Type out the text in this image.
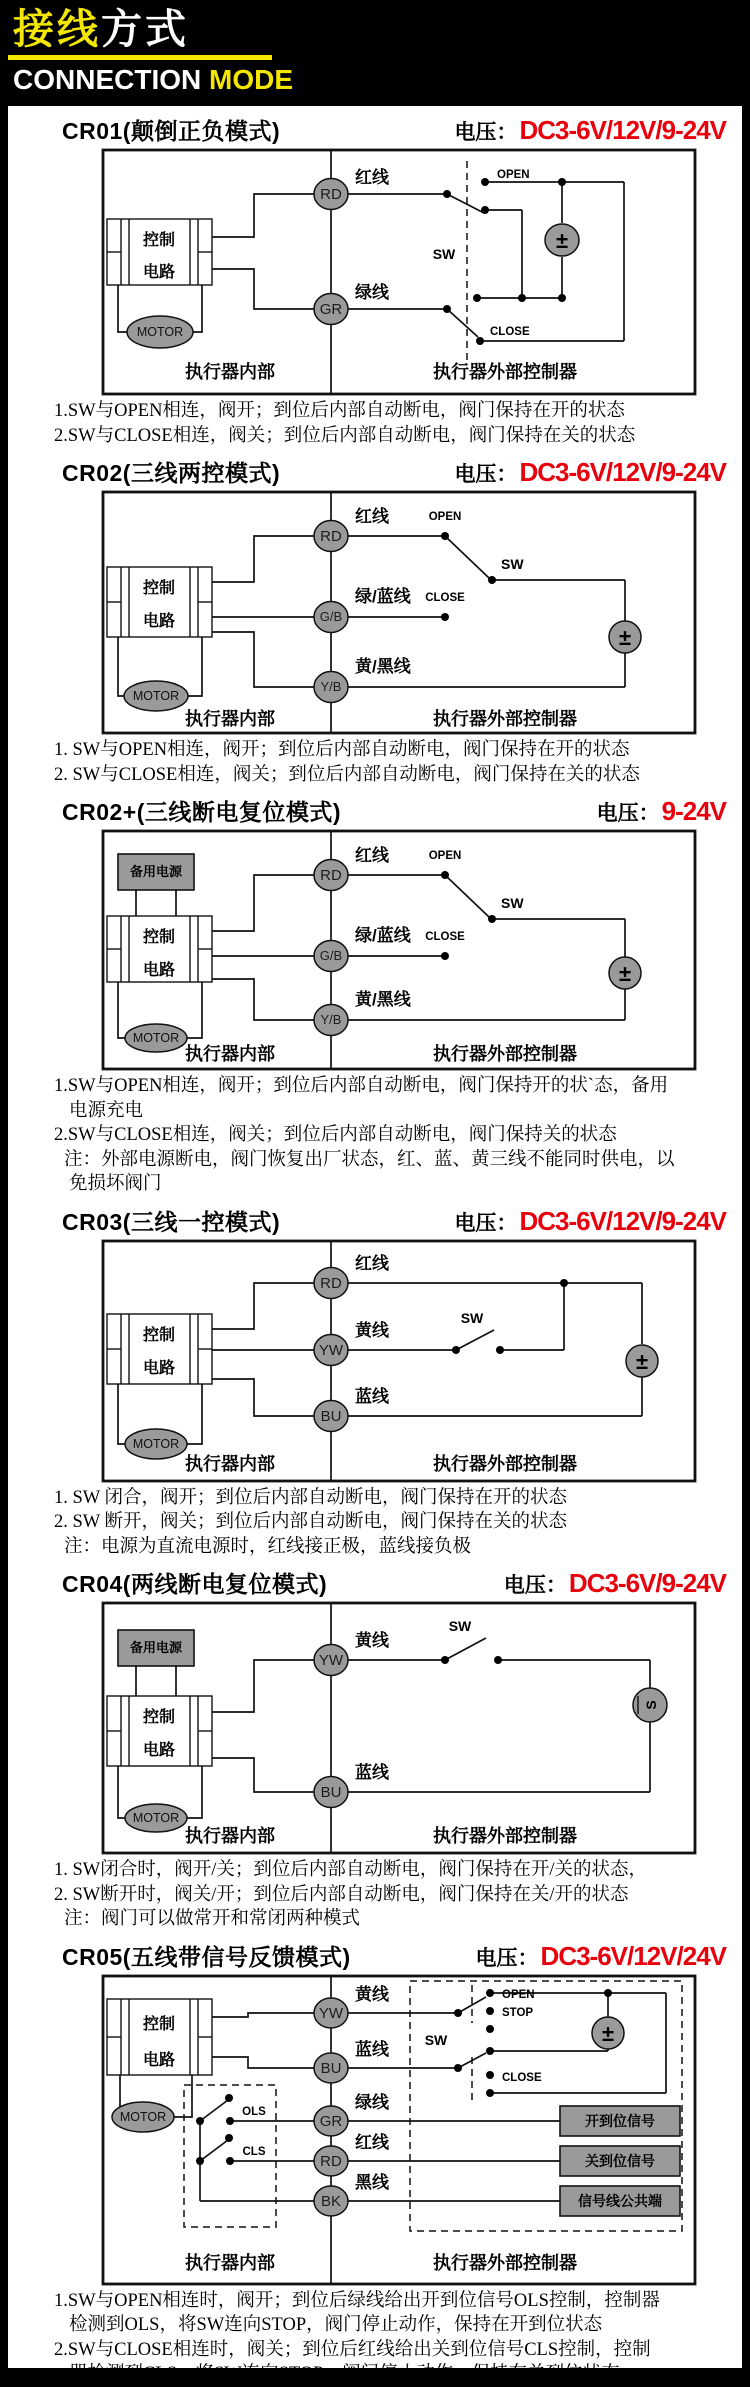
接线方式
CONNECTION MODE
CR01(颠倒正负模式)	电压： DC3-6V/12V/9-24V
控制
电路
MOTOR
RD
红线
GR
绿线
±
OPEN
CLOSE
SW
执行器内部	执行器外部控制器
1.SW与OPEN相连，阀开；到位后内部自动断电，阀门保持在开的状态
2.SW与CLOSE相连，阀关；到位后内部自动断电，阀门保持在关的状态
CR02(三线两控模式)	电压： DC3-6V/12V/9-24V
控制
电路
MOTOR
RD
红线
G/B
绿/蓝线
Y/B
黄/黑线
±
OPEN
CLOSE
SW
执行器内部	执行器外部控制器
1. SW与OPEN相连，阀开；到位后内部自动断电，阀门保持在开的状态
2. SW与CLOSE相连，阀关；到位后内部自动断电，阀门保持在关的状态
CR02+(三线断电复位模式)	电压： 9-24V
备用电源
控制
电路
MOTOR
RD
红线
G/B
绿/蓝线
Y/B
黄/黑线
±
OPEN
CLOSE
SW
执行器内部	执行器外部控制器
1.SW与OPEN相连，阀开；到位后内部自动断电，阀门保持开的状`态，备用
电源充电
2.SW与CLOSE相连，阀关；到位后内部自动断电，阀门保持关的状态
注：外部电源断电，阀门恢复出厂状态，红、蓝、黄三线不能同时供电，以
免损坏阀门
CR03(三线一控模式)	电压： DC3-6V/12V/9-24V
控制
电路
MOTOR
RD
红线
YW
黄线
BU
蓝线
±
SW
执行器内部	执行器外部控制器
1. SW 闭合，阀开；到位后内部自动断电，阀门保持在开的状态
2. SW 断开，阀关；到位后内部自动断电，阀门保持在关的状态
注：电源为直流电源时，红线接正极，蓝线接负极
CR04(两线断电复位模式)	电压： DC3-6V/9-24V
备用电源
控制
电路
MOTOR
YW
黄线
BU
蓝线
S
SW
执行器内部	执行器外部控制器
1. SW闭合时，阀开/关；到位后内部自动断电，阀门保持在开/关的状态，
2. SW断开时，阀关/开；到位后内部自动断电，阀门保持在关/开的状态
注：阀门可以做常开和常闭两种模式
CR05(五线带信号反馈模式)	电压： DC3-6V/12V/24V
控制
电路
MOTOR	OLS
CLS
YW
黄线
BU
蓝线
GR
绿线
RD
红线
BK
黑线
±
OPEN
STOP
CLOSE
SW
开到位信号
关到位信号
信号线公共端
执行器内部	执行器外部控制器
1.SW与OPEN相连时，阀开；到位后绿线给出开到位信号OLS控制，控制器
检测到OLS，将SW连向STOP，阀门停止动作，保持在开到位状态
2.SW与CLOSE相连时，阀关；到位后红线给出关到位信号CLS控制，控制
器检测到CLS，将SW连向STOP，阀门停止动作，保持在关到位状态
